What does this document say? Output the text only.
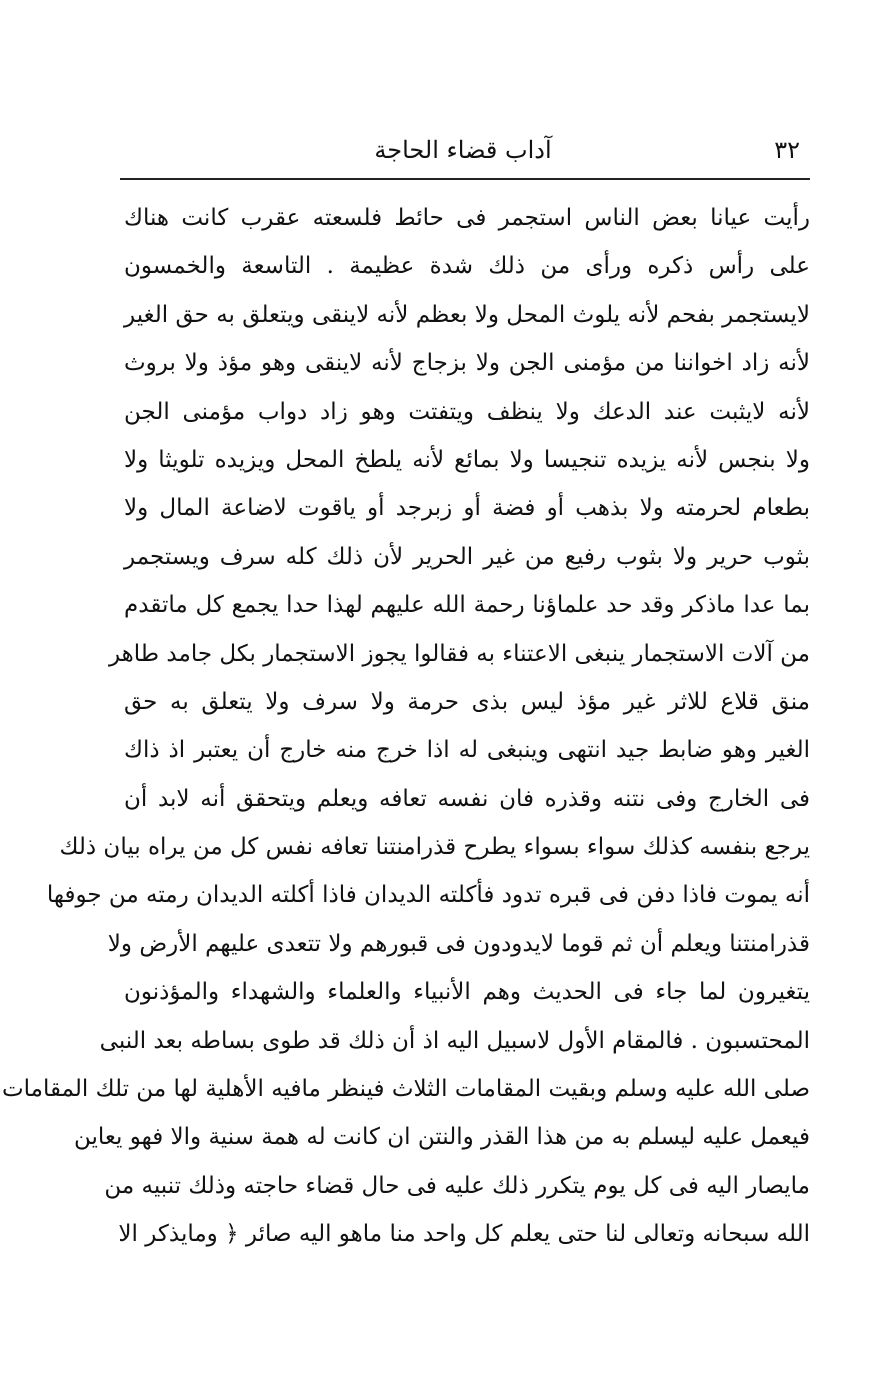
آداب قضاء الحاجة	٣٢
رأيت عيانا بعض الناس استجمر فى حائط فلسعته عقرب كانت هناك
على رأس ذكره ورأى من ذلك شدة عظيمة . التاسعة والخمسون
لايستجمر بفحم لأنه يلوث المحل ولا بعظم لأنه لاينقى ويتعلق به حق الغير
لأنه زاد اخواننا من مؤمنى الجن ولا بزجاج لأنه لاينقى وهو مؤذ ولا بروث
لأنه لايثبت عند الدعك ولا ينظف ويتفتت وهو زاد دواب مؤمنى الجن
ولا بنجس لأنه يزيده تنجيسا ولا بمائع لأنه يلطخ المحل ويزيده تلويثا ولا
بطعام لحرمته ولا بذهب أو فضة أو زبرجد أو ياقوت لاضاعة المال ولا
بثوب حرير ولا بثوب رفيع من غير الحرير لأن ذلك كله سرف ويستجمر
بما عدا ماذكر وقد حد علماؤنا رحمة الله عليهم لهذا حدا يجمع كل ماتقدم
من آلات الاستجمار ينبغى الاعتناء به فقالوا يجوز الاستجمار بكل جامد طاهر
منق قلاع للاثر غير مؤذ ليس بذى حرمة ولا سرف ولا يتعلق به حق
الغير وهو ضابط جيد انتهى وينبغى له اذا خرج منه خارج أن يعتبر اذ ذاك
فى الخارج وفى نتنه وقذره فان نفسه تعافه ويعلم ويتحقق أنه لابد أن
يرجع بنفسه كذلك سواء بسواء يطرح قذرامنتنا تعافه نفس كل من يراه بيان ذلك
أنه يموت فاذا دفن فى قبره تدود فأكلته الديدان فاذا أكلته الديدان رمته من جوفها
قذرامنتنا ويعلم أن ثم قوما لايدودون فى قبورهم ولا تتعدى عليهم الأرض ولا
يتغيرون لما جاء فى الحديث وهم الأنبياء والعلماء والشهداء والمؤذنون
المحتسبون . فالمقام الأول لاسبيل اليه اذ أن ذلك قد طوى بساطه بعد النبى
صلى الله عليه وسلم وبقيت المقامات الثلاث فينظر مافيه الأهلية لها من تلك المقامات
فيعمل عليه ليسلم به من هذا القذر والنتن ان كانت له همة سنية والا فهو يعاين
مايصار اليه فى كل يوم يتكرر ذلك عليه فى حال قضاء حاجته وذلك تنبيه من
الله سبحانه وتعالى لنا حتى يعلم كل واحد منا ماهو اليه صائر ﴿ ومايذكر الا
